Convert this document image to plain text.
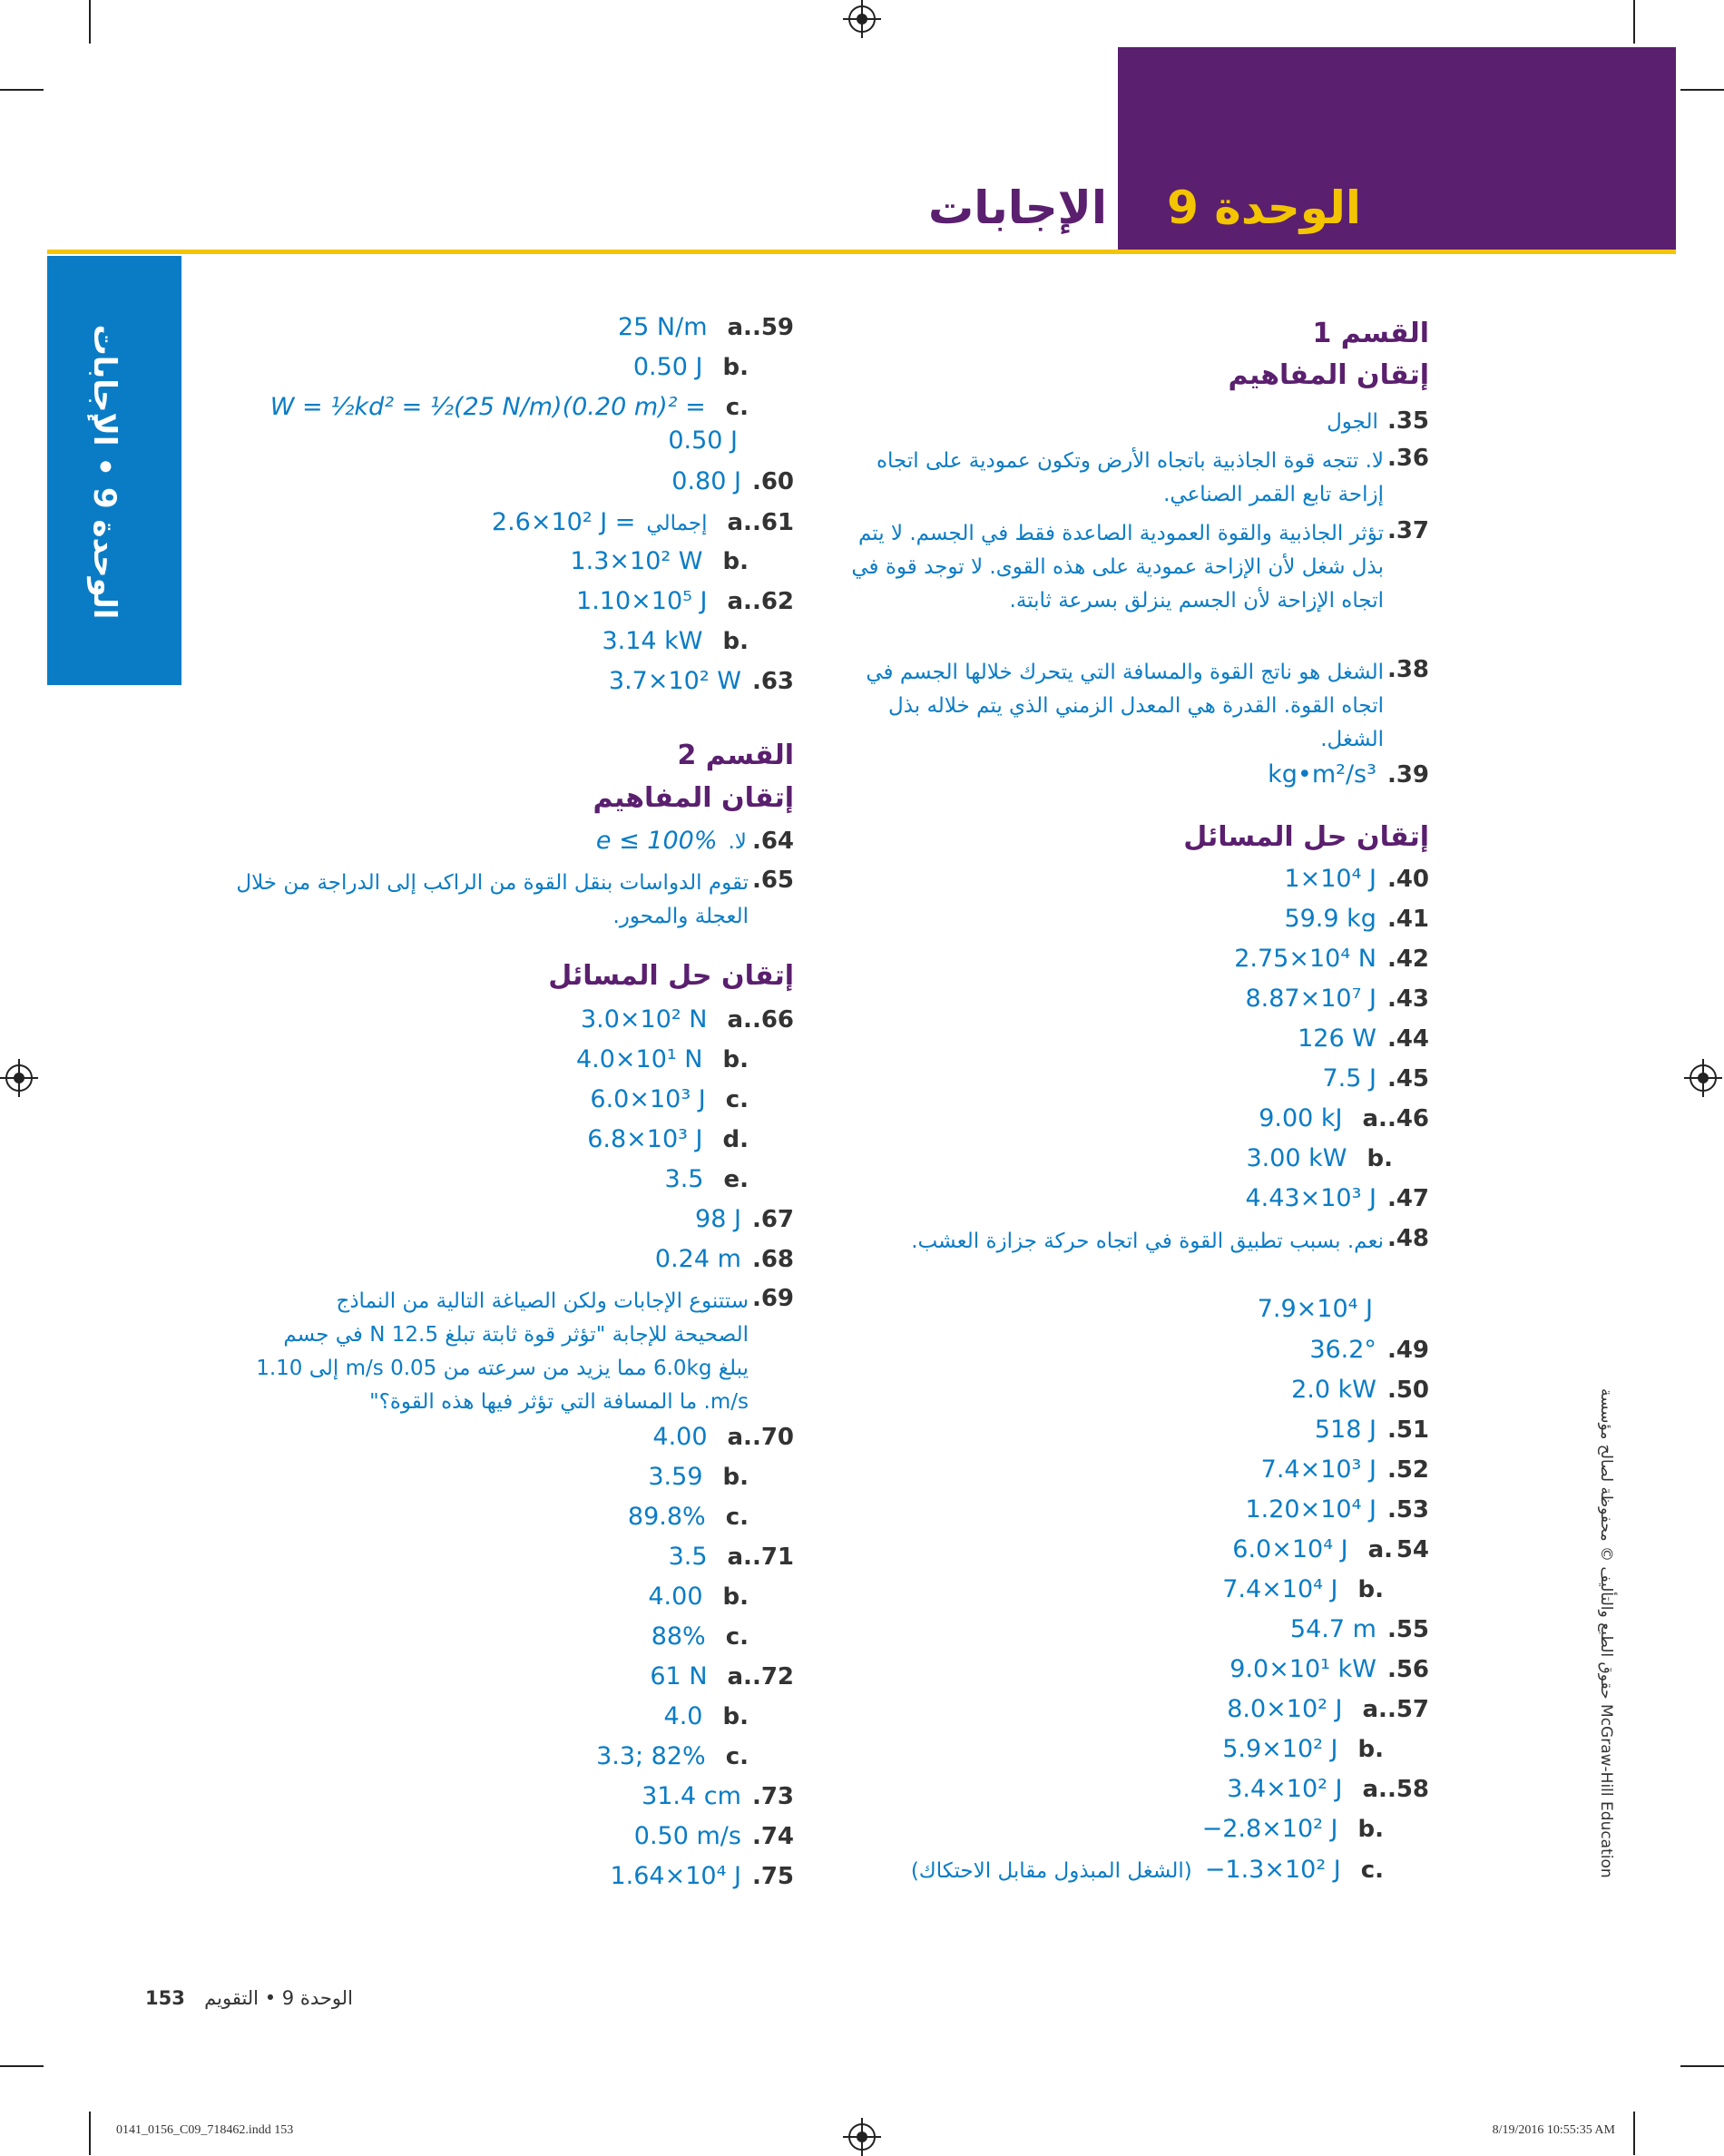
الوحدة 9
الإجابات
الوحدة 9 • الإجابات
حقوق الطبع والتأليف © محفوظة لصالح مؤسسة McGraw-Hill Education
القسم 1
إتقان المفاهيم
.35
الجول
.36
لا. تتجه قوة الجاذبية باتجاه الأرض وتكون عمودية على اتجاه إزاحة تابع القمر الصناعي.
.37
تؤثر الجاذبية والقوة العمودية الصاعدة فقط في الجسم. لا يتم بذل شغل لأن الإزاحة عمودية على هذه القوى. لا توجد قوة في اتجاه الإزاحة لأن الجسم ينزلق بسرعة ثابتة.
.38
الشغل هو ناتج القوة والمسافة التي يتحرك خلالها الجسم في اتجاه القوة. القدرة هي المعدل الزمني الذي يتم خلاله بذل الشغل.
.39
kg•m²/s³
إتقان حل المسائل
.40
1×10⁴ J
.41
59.9 kg
.42
2.75×10⁴ N
.43
8.87×10⁷ J
.44
126 W
.45
7.5 J
.46
a.
9.00 kJ
b.
3.00 kW
.47
4.43×10³ J
.48
نعم. بسبب تطبيق القوة في اتجاه حركة جزازة العشب.
7.9×10⁴ J
.49
36.2°
.50
2.0 kW
.51
518 J
.52
7.4×10³ J
.53
1.20×10⁴ J
54
a.
6.0×10⁴ J
b.
7.4×10⁴ J
.55
54.7 m
.56
9.0×10¹ kW
.57
a.
8.0×10² J
b.
5.9×10² J
.58
a.
3.4×10² J
b.
−2.8×10² J
c.
−1.3×10² J
(الشغل المبذول مقابل الاحتكاك)
.59
a.
25 N/m
b.
0.50 J
c.
W = ½kd² = ½(25 N/m)(0.20 m)² =
0.50 J
.60
0.80 J
.61
a.
إجمالي
2.6×10² J =
b.
1.3×10² W
.62
a.
1.10×10⁵ J
b.
3.14 kW
.63
3.7×10² W
القسم 2
إتقان المفاهيم
.64
لا.
e ≤ 100%
.65
تقوم الدواسات بنقل القوة من الراكب إلى الدراجة من خلال العجلة والمحور.
إتقان حل المسائل
.66
a.
3.0×10² N
b.
4.0×10¹ N
c.
6.0×10³ J
d.
6.8×10³ J
e.
3.5
.67
98 J
.68
0.24 m
.69
ستتنوع الإجابات ولكن الصياغة التالية من النماذج
الصحيحة للإجابة "تؤثر قوة ثابتة تبلغ 12.5 N في جسم
يبلغ 6.0kg مما يزيد من سرعته من 0.05 m/s إلى 1.10
m/s. ما المسافة التي تؤثر فيها هذه القوة؟"
.70
a.
4.00
b.
3.59
c.
89.8%
.71
a.
3.5
b.
4.00
c.
88%
.72
a.
61 N
b.
4.0
c.
3.3; 82%
.73
31.4 cm
.74
0.50 m/s
.75
1.64×10⁴ J
153 الوحدة 9 • التقويم
0141_0156_C09_718462.indd 153	8/19/2016 10:55:35 AM
